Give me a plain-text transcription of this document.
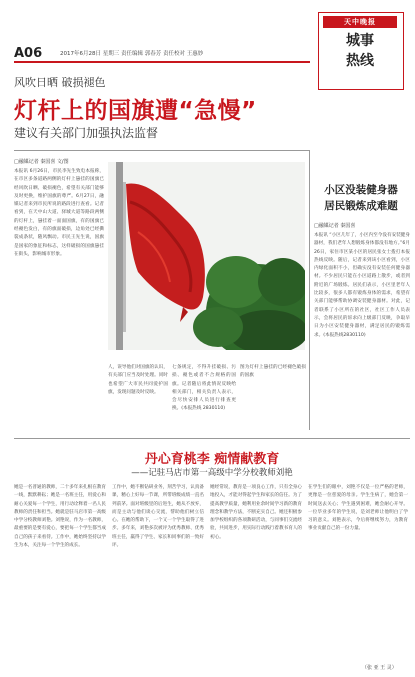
A06	2017年6月28日 星期三 责任编辑 郭春芳 责任校对 王惠妙
天中晚报
城事
热线
风吹日晒 破损褪色
灯杆上的国旗遭“急慢”
建议有关部门加强执法监督
□融媒记者 秦国喜 文/图
本报讯 6月26日，市民李先生致电本报称，在市区多条道路两侧的灯杆上悬挂的国旗已经风吹日晒、破损褪色，希望有关部门能够及时更换，维护国旗的尊严。6月27日，融媒记者来到市民所说的路段进行查看。记者看到，在天中山大道、驿城大道等路段两侧的灯杆上，悬挂着一面面国旗，有的国旗已经褪色发白，有的旗面破损，边角处已经撕裂成条状，随风飘动。市民王先生说，国旗是国家的象征和标志，这样破损的国旗悬挂在街头，影响城市形象。
人，误导他们对国旗的认识，有关部门应当及时处理。同时也希望广大市民共同爱护国旗，发现问题及时反映。
七条规定，不得升挂破损、污损、褪色或者不合规格的国旗。记者随后将此情况反映给相关部门，相关负责人表示，会尽快安排人员进行排查更换。(本报热线 2830110)
图为灯杆上悬挂的已经褪色破损的国旗
小区没装健身器
居民锻炼成难题
□融媒记者 秦国喜
本报讯 “小区几年了，小区内至今没有安装健身器材，我们老年人想锻炼身体都没有地方。”6月26日，家住市区某小区的居民张女士拨打本报热线反映。随后，记者来到该小区看到，小区内绿化面积不小，但确实没有安装任何健身器材。不少居民只能在小区道路上散步，或者到附近的广场锻炼。居民们表示，小区里老年人比较多，很多人都有锻炼身体的需求，希望有关部门能够帮助协调安装健身器材。对此，记者联系了小区所在的社区，社区工作人员表示，会将居民的诉求向上级部门反映，争取早日为小区安装健身器材，满足居民的锻炼需求。(本报热线2830110)
丹心育桃李 痴情献教育
——记驻马店市第一高级中学分校教师刘艳
她是一名普通的教师，二十多年来扎根在教育一线，默默耕耘；她是一名班主任，用爱心和耐心关爱每一个学生，用行动诠释着一名人民教师的责任和担当。她就是驻马店市第一高级中学分校教师刘艳。刘艳说，作为一名教师，最重要的是要有爱心，要把每一个学生都当成自己的孩子来看待。工作中，她始终坚持以学生为本，关注每一个学生的成长。
工作中，她不断钻研业务，刻苦学习，认真备课，精心上好每一节课，所带班级成绩一直名列前茅。面对班级里的后进生，她从不放弃，而是主动与他们谈心交流，帮助他们树立信心。在她的帮助下，一个又一个学生取得了进步。多年来，刘艳多次被评为优秀教师、优秀班主任，赢得了学生、家长和同事们的一致好评。
她经常说，教育是一项良心工作，只有全身心地投入，才能对得起学生和家长的信任。为了提高教学质量，她利用业余时间学习新的教育理念和教学方法，不断充实自己。她还积极参加学校组织的各项教研活动，与同事们交流经验，共同进步，用实际行动践行着教书育人的初心。
在学生们的眼中，刘艳不仅是一位严格的老师，更像是一位慈爱的母亲。学生生病了，她会第一时间送去关心；学生遇到困难，她会耐心开导。一位毕业多年的学生说，是刘老师让他明白了学习的意义。刘艳表示，今后将继续努力，为教育事业贡献自己的一份力量。
（张 亚 王 灵）
